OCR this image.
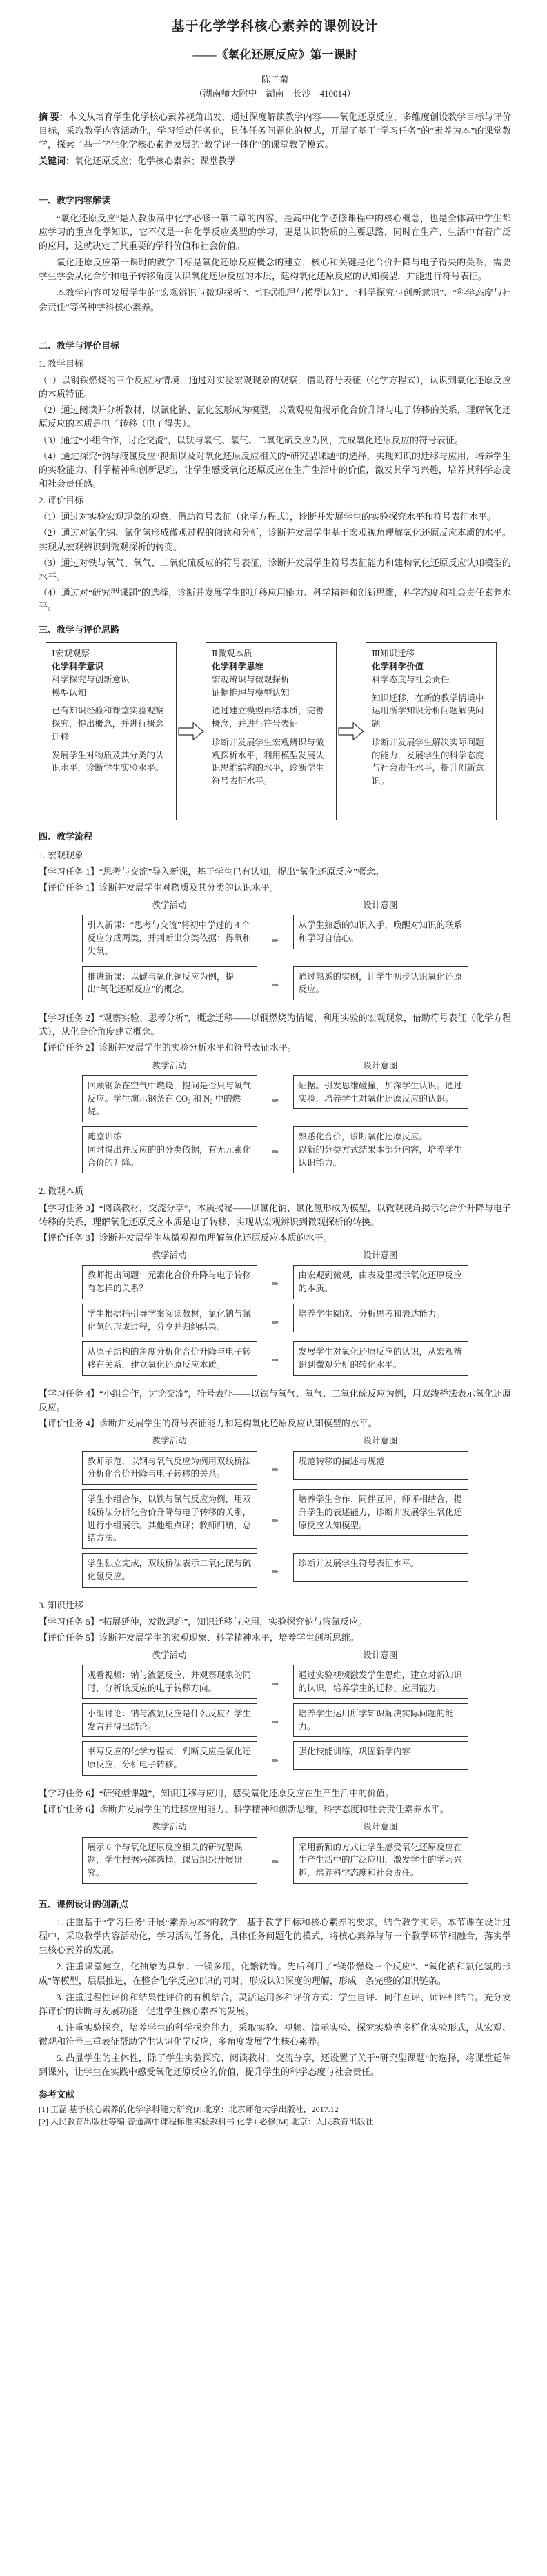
基于化学学科核心素养的课例设计
——《氧化还原反应》第一课时
陈子菊
（湖南师大附中　湖南　长沙　410014）

摘 要：本文从培育学生化学核心素养视角出发，通过深度解读教学内容——氧化还原反应，多维度创设教学目标与评价目标，采取教学内容活动化，学习活动任务化，具体任务问题化的模式，开展了基于“学习任务”的“素养为本”的课堂教学，探索了基于学生化学核心素养发展的“教学评一体化”的课堂教学模式。

关键词：氧化还原反应；化学核心素养；课堂教学

一、教学内容解读

“氧化还原反应”是人教版高中化学必修一第二章的内容，是高中化学必修课程中的核心概念，也是全体高中学生都应学习的重点化学知识，它不仅是一种化学反应类型的学习，更是认识物质的主要思路，同时在生产、生活中有着广泛的应用，这就决定了其重要的学科价值和社会价值。

氧化还原反应第一课时的教学目标是氧化还原反应概念的建立，核心和关键是化合价升降与电子得失的关系，需要学生学会从化合价和电子转移角度认识氧化还原反应的本质，建构氧化还原反应的认知模型，并能进行符号表征。

本教学内容可发展学生的“宏观辨识与微观探析”、“证据推理与模型认知”、“科学探究与创新意识”、“科学态度与社会责任”等各种学科核心素养。

二、教学与评价目标

1. 教学目标

（1）以钢铁燃烧的三个反应为情境，通过对实验宏观现象的观察，借助符号表征（化学方程式），认识到氧化还原反应的本质特征。

（2）通过阅读并分析教材，以氯化钠、氯化氢形成为模型，以微观视角揭示化合价升降与电子转移的关系，理解氧化还原反应的本质是电子转移（电子得失）。

（3）通过“小组合作，讨论交流”，以铁与氧气、氧气、二氧化硫反应为例，完成氧化还原反应的符号表征。

（4）通过探究“钠与液氯反应”视频以及对氧化还原反应相关的“研究型课题”的选择，实现知识的迁移与应用，培养学生的实验能力、科学精神和创新思维，让学生感受氧化还原反应在生产生活中的价值，激发其学习兴趣，培养其科学态度和社会责任感。

2. 评价目标

（1）通过对实验宏观现象的观察，借助符号表征（化学方程式），诊断并发展学生的实验探究水平和符号表征水平。

（2）通过对氯化钠、氯化氢形成微观过程的阅读和分析，诊断并发展学生基于宏观视角理解氧化还原反应本质的水平。实现从宏观辨识到微观探析的转变。

（3）通过对铁与氧气、氧气、二氧化硫反应的符号表征，诊断并发展学生符号表征能力和建构氧化还原反应认知模型的水平。

（4）通过对“研究型课题”的选择，诊断并发展学生的迁移应用能力、科学精神和创新思维，科学态度和社会责任素养水平。

三、教学与评价思路

Ⅰ宏观观察
化学科学意识
科学探究与创新意识
模型认知
已有知识经验和课堂实验观察探究，提出概念，并进行概念迁移
发展学生对物质及其分类的认识水平，诊断学生实验水平。
Ⅱ微观本质
化学科学思维
宏观辨识与微观探析
证据推理与模型认知
通过建立模型再结本质，完善概念，并进行符号表征
诊断并发展学生宏观辨识与微观探析水平，利用模型发展认识思维结构的水平，诊断学生符号表征水平。
Ⅲ知识迁移
化学科学价值
科学态度与社会责任
知识迁移，在新的教学情境中运用所学知识分析问题解决问题
诊断并发展学生解决实际问题的能力，发展学生的科学态度与社会责任水平，提升创新意识。

四、教学流程

1. 宏观现象

【学习任务 1】“思考与交流”导入新课，基于学生已有认知，提出“氧化还原反应”概念。

【评价任务 1】诊断并发展学生对物质及其分类的认识水平。

教学活动		设计意图

引入新课：“思考与交流”将初中学过的 4 个反应分成两类，并判断出分类依据：得氧和失氧。	⇒	从学生熟悉的知识入手，唤醒对知识的联系和学习自信心。

推进新课：以碳与氧化铜反应为例，提出“氧化还原反应”的概念。	⇒	通过熟悉的实例，让学生初步认识氧化还原反应。

【学习任务 2】“观察实验、思考分析”，概念迁移——以钢燃烧为情境，利用实验的宏观现象，借助符号表征（化学方程式），从化合价角度建立概念。

【评价任务 2】诊断并发展学生的实验分析水平和符号表征水平。

教学活动		设计意图

回顾钢条在空气中燃烧，提问是否只与氧气反应。学生演示钢条在 CO₂ 和 N₂ 中的燃烧。	⇒	证据。引发思维碰撞，加深学生认识。通过实验，培养学生对氧化还原反应的认识。

随堂训练
同时得出并反应的的分类依据，有无元素化合价的升降。	⇒	熟悉化合价，诊断氧化还原反应。
以新的分类方式结果本部分内容，培养学生认识能力。

2. 微观本质

【学习任务 3】“阅读教材，交流分享”，本质揭秘——以氯化钠、氯化氢形成为模型，以微观视角揭示化合价升降与电子转移的关系，理解氧化还原反应本质是电子转移，实现从宏观辨识到微观探析的转换。

【评价任务 3】诊断并发展学生从微观视角理解氧化还原反应本质的水平。

教学活动		设计意图

教师提出问题：元素化合价升降与电子转移有怎样的关系？	⇒	由宏观到微观，由表及里揭示氧化还原反应的本质。

学生根据指引导学案阅读教材，氯化钠与氯化氢的形成过程，分享并归纳结果。	⇒	培养学生阅读、分析思考和表达能力。

从原子结构的角度分析化合价升降与电子转移在关系，建立氧化还原反应本质。	⇒	发展学生对氧化还原反应的认识，从宏观辨识到微观分析的转化水平。

【学习任务 4】“小组合作，讨论交流”，符号表征——以铁与氧气、氧气、二氧化硫反应为例，用双线桥法表示氧化还原反应。

【评价任务 4】诊断并发展学生的符号表征能力和建构氧化还原反应认知模型的水平。

教学活动		设计意图

教师示范，以钢与氧气反应为例用双线桥法分析化合价升降与电子转移的关系。	⇒	规范转移的描述与规范

学生小组合作，以铁与氯气反应为例，用双线桥法分析化合价升降与电子转移的关系，进行小组展示。其他组点评；教师归纳，总结方法。	⇒	培养学生合作、同伴互评，师评相结合，提升学生的表述能力，诊断并发展学生氧化还原反应认知模型。

学生独立完成，双线桥法表示二氧化硫与硫化氢反应。	⇒	诊断并发展学生符号表征水平。

3. 知识迁移

【学习任务 5】“拓展延伸，发散思维”，知识迁移与应用，实验探究钠与液氯反应。

【评价任务 5】诊断并发展学生的宏观现象、科学精神水平，培养学生创新思维。

教学活动		设计意图

观看视频：钠与液氯反应，并观察现象的同时，分析该反应的电子转移方向。	⇒	通过实验视频激发学生思维，建立对新知识的认识，培养学生的迁移、应用能力。

小组讨论：钠与液氯反应是什么反应？学生发言并得出结论。	⇒	培养学生运用所学知识解决实际问题的能力。

书写反应的化学方程式，判断反应是氧化还原反应，分析电子转移。	⇒	强化技能训练，巩固新学内容

【学习任务 6】“研究型课题”，知识迁移与应用，感受氧化还原反应在生产生活中的价值。

【评价任务 6】诊断并发展学生的迁移应用能力、科学精神和创新思维，科学态度和社会责任素养水平。

教学活动		设计意图

展示 6 个与氧化还原反应相关的研究型课题，学生根据兴趣选择，课后组织开展研究。	⇒	采用新颖的方式让学生感受氧化还原反应在生产生活中的广泛应用，激发学生的学习兴趣，培养科学态度和社会责任。

五、课例设计的创新点

1. 注重基于“学习任务”开展“素养为本”的教学，基于教学目标和核心素养的要求，结合教学实际。本节课在设计过程中，采取教学内容活动化，学习活动任务化，具体任务问题化的模式，将核心素养与每一个教学环节相融合，落实学生核心素养的发展。

2. 注重课堂建立，化抽象为具象：一镁多用，化繁就简。先后利用了“镁带燃烧三个反应”、“氧化钠和氯化氢的形成”等模型，层层推进，在整合化学反应知识的同时，形成认知深度的理解，形成一条完整的知识链条。

3. 注重过程性评价和结果性评价的有机结合，灵活运用多种评价方式：学生自评、同伴互评、师评相结合。充分发挥评价的诊断与发展功能，促进学生核心素养的发展。

4. 注重实验探究，培养学生的科学探究能力。采取实验、视频、演示实验、探究实验等多样化实验形式，从宏观、微观和符号三重表征帮助学生认识化学反应，多角度发展学生核心素养。

5. 凸显学生的主体性，除了学生实验探究、阅读教材、交流分享，还设置了关于“研究型课题”的选择，将课堂延伸到课外，让学生在实践中感受氧化还原反应的价值，提升学生的科学态度与社会责任。

参考文献

[1] 王磊.基于核心素养的化学学科能力研究[J].北京：北京师范大学出版社，2017.12

[2] 人民教育出版社等编.普通高中课程标准实验教科书 化学1 必修[M].北京：人民教育出版社
